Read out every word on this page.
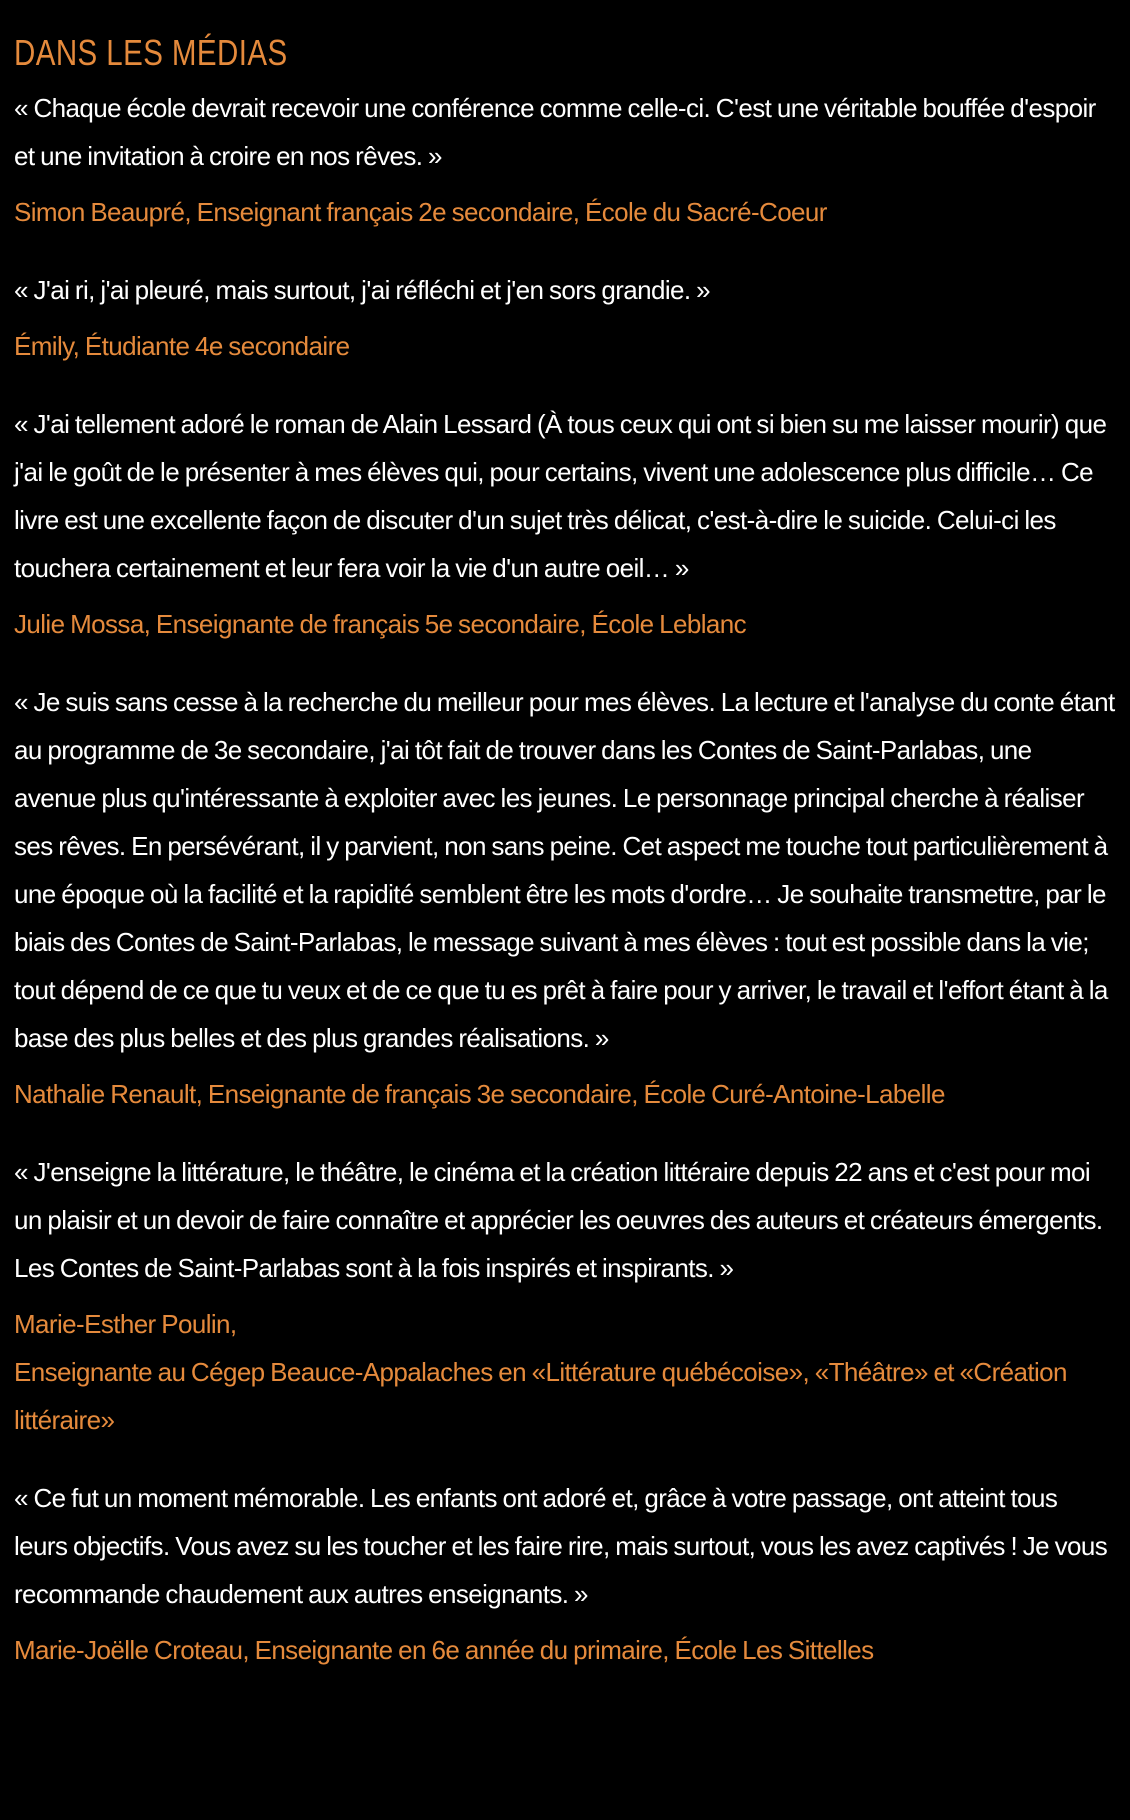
DANS LES MÉDIAS

« Chaque école devrait recevoir une conférence comme celle-ci. C'est une véritable bouffée d'espoir et une invitation à croire en nos rêves. »

Simon Beaupré, Enseignant français 2e secondaire, École du Sacré-Coeur

« J'ai ri, j'ai pleuré, mais surtout, j'ai réfléchi et j'en sors grandie. »

Émily, Étudiante 4e secondaire

« J'ai tellement adoré le roman de Alain Lessard (À tous ceux qui ont si bien su me laisser mourir) que j'ai le goût de le présenter à mes élèves qui, pour certains, vivent une adolescence plus difficile… Ce livre est une excellente façon de discuter d'un sujet très délicat, c'est-à-dire le suicide. Celui-ci les touchera certainement et leur fera voir la vie d'un autre oeil… »

Julie Mossa, Enseignante de français 5e secondaire, École Leblanc

« Je suis sans cesse à la recherche du meilleur pour mes élèves. La lecture et l'analyse du conte étant au programme de 3e secondaire, j'ai tôt fait de trouver dans les Contes de Saint-Parlabas, une avenue plus qu'intéressante à exploiter avec les jeunes. Le personnage principal cherche à réaliser ses rêves. En persévérant, il y parvient, non sans peine. Cet aspect me touche tout particulièrement à une époque où la facilité et la rapidité semblent être les mots d'ordre… Je souhaite transmettre, par le biais des Contes de Saint-Parlabas, le message suivant à mes élèves : tout est possible dans la vie; tout dépend de ce que tu veux et de ce que tu es prêt à faire pour y arriver, le travail et l'effort étant à la base des plus belles et des plus grandes réalisations. »

Nathalie Renault, Enseignante de français 3e secondaire, École Curé-Antoine-Labelle

« J'enseigne la littérature, le théâtre, le cinéma et la création littéraire depuis 22 ans et c'est pour moi un plaisir et un devoir de faire connaître et apprécier les oeuvres des auteurs et créateurs émergents. Les Contes de Saint-Parlabas sont à la fois inspirés et inspirants. »

Marie-Esther Poulin,
Enseignante au Cégep Beauce-Appalaches en «Littérature québécoise», «Théâtre» et «Création littéraire»

« Ce fut un moment mémorable. Les enfants ont adoré et, grâce à votre passage, ont atteint tous leurs objectifs. Vous avez su les toucher et les faire rire, mais surtout, vous les avez captivés ! Je vous recommande chaudement aux autres enseignants. »

Marie-Joëlle Croteau, Enseignante en 6e année du primaire, École Les Sittelles
